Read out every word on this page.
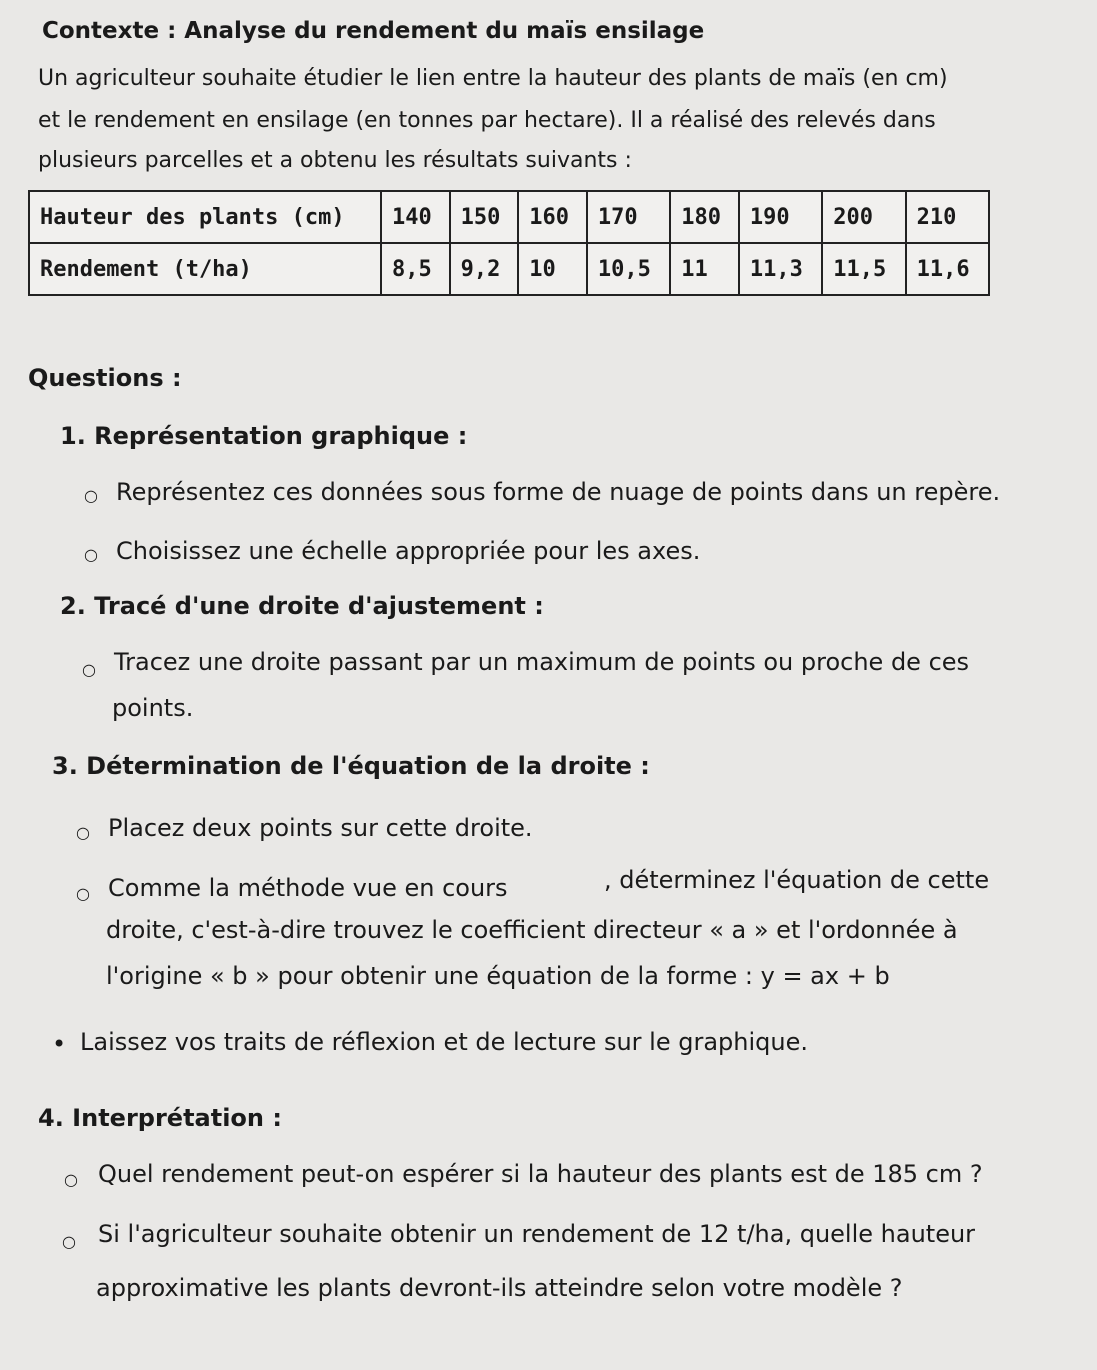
Contexte : Analyse du rendement du maïs ensilage
Un agriculteur souhaite étudier le lien entre la hauteur des plants de maïs (en cm)
et le rendement en ensilage (en tonnes par hectare). Il a réalisé des relevés dans
plusieurs parcelles et a obtenu les résultats suivants :
Hauteur des plants (cm)	140	150	160	170	180	190	200	210
Rendement (t/ha)	8,5	9,2	10	10,5	11	11,3	11,5	11,6
Questions :
1. Représentation graphique :
○ Représentez ces données sous forme de nuage de points dans un repère.
○ Choisissez une échelle appropriée pour les axes.
2. Tracé d'une droite d'ajustement :
○ Tracez une droite passant par un maximum de points ou proche de ces
points.
3. Détermination de l'équation de la droite :
○ Placez deux points sur cette droite.
○ Comme la méthode vue en cours	, déterminez l'équation de cette
droite, c'est-à-dire trouvez le coefficient directeur « a » et l'ordonnée à
l'origine « b » pour obtenir une équation de la forme : y = ax + b
• Laissez vos traits de réflexion et de lecture sur le graphique.
4. Interprétation :
○ Quel rendement peut-on espérer si la hauteur des plants est de 185 cm ?
○ Si l'agriculteur souhaite obtenir un rendement de 12 t/ha, quelle hauteur
approximative les plants devront-ils atteindre selon votre modèle ?
